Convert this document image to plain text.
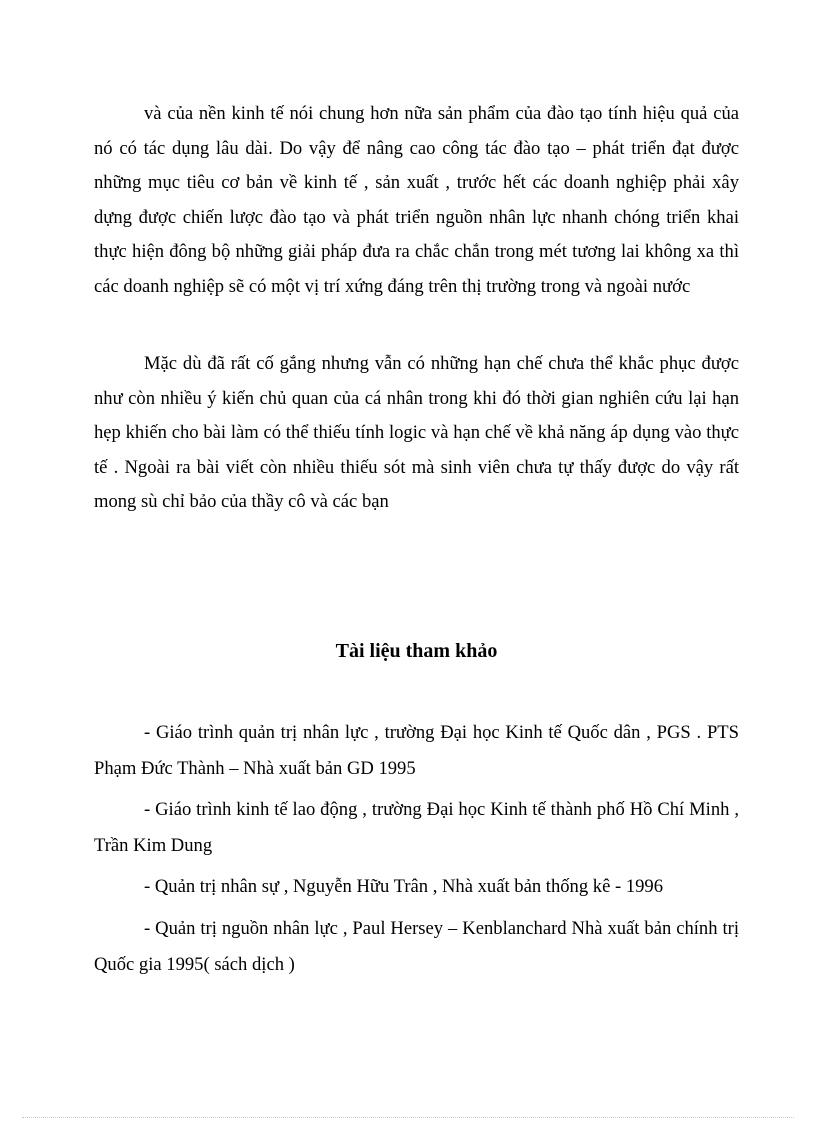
và của nền kinh tế nói chung hơn nữa sản phẩm của đào tạo tính hiệu quả của nó có tác dụng lâu dài. Do vậy để nâng cao công tác đào tạo – phát triển đạt được những mục tiêu cơ bản về kinh tế , sản xuất , trước hết các doanh nghiệp phải xây dựng được chiến lược đào tạo và phát triển nguồn nhân lực nhanh chóng triển khai thực hiện đông bộ những giải pháp đưa ra chắc chắn trong mét tương lai không xa thì các doanh nghiệp sẽ có một vị trí xứng đáng trên thị trường trong và ngoài nước

Mặc dù đã rất cố gắng nhưng vẫn có những hạn chế chưa thể khắc phục được như còn nhiều ý kiến chủ quan của cá nhân trong khi đó thời gian nghiên cứu lại hạn hẹp khiến cho bài làm có thể thiếu tính logic và hạn chế về khả năng áp dụng vào thực tế . Ngoài ra bài viết còn nhiều thiếu sót mà sinh viên chưa tự thấy được do vậy rất mong sù chỉ bảo của thầy cô và các bạn

Tài liệu tham khảo

- Giáo trình quản trị nhân lực , trường Đại học Kinh tế Quốc dân , PGS . PTS Phạm Đức Thành – Nhà xuất bản GD 1995

- Giáo trình kinh tế lao động , trường Đại học Kinh tế thành phố Hồ Chí Minh , Trần Kim Dung

- Quản trị nhân sự , Nguyễn Hữu Trân , Nhà xuất bản thống kê - 1996

- Quản trị nguồn nhân lực , Paul Hersey – Kenblanchard Nhà xuất bản chính trị Quốc gia 1995( sách dịch )
